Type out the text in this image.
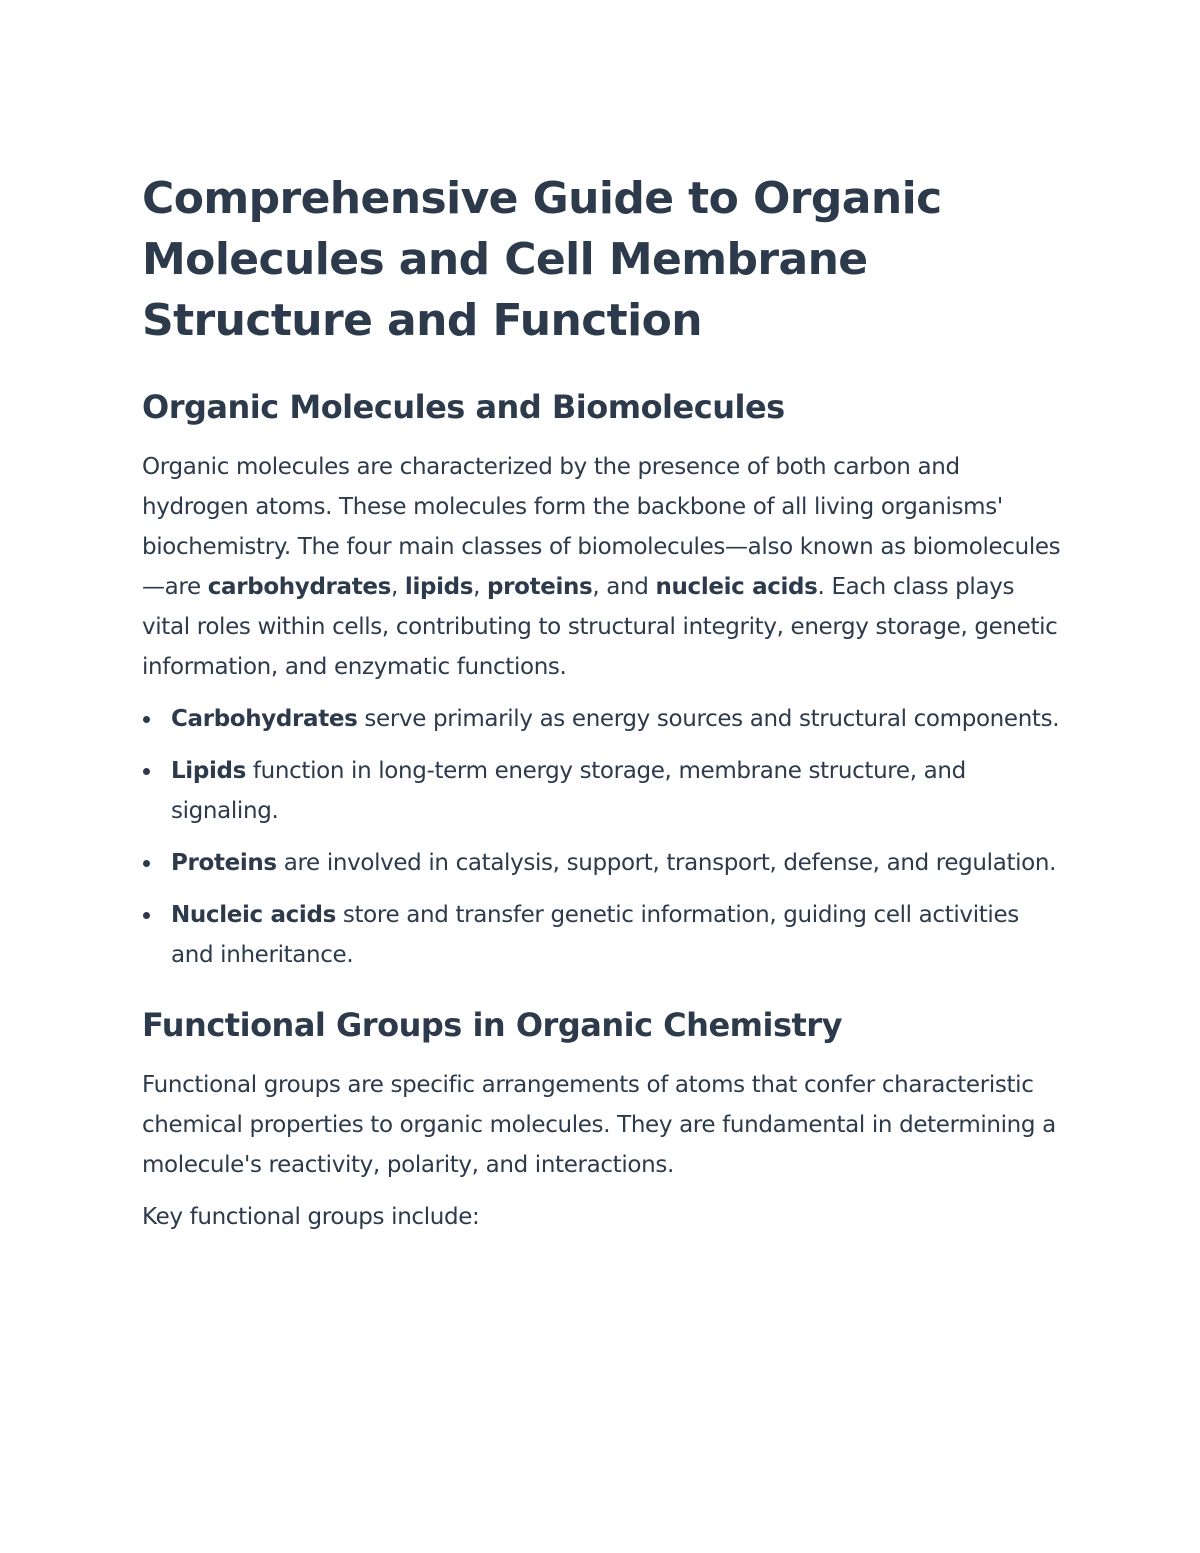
Comprehensive Guide to Organic Molecules and Cell Membrane Structure and Function
Organic Molecules and Biomolecules

Organic molecules are characterized by the presence of both carbon and hydrogen atoms. These molecules form the backbone of all living organisms' biochemistry. The four main classes of biomolecules—also known as biomolecules—are carbohydrates, lipids, proteins, and nucleic acids. Each class plays vital roles within cells, contributing to structural integrity, energy storage, genetic information, and enzymatic functions.

Carbohydrates serve primarily as energy sources and structural components.
Lipids function in long-term energy storage, membrane structure, and signaling.
Proteins are involved in catalysis, support, transport, defense, and regulation.
Nucleic acids store and transfer genetic information, guiding cell activities and inheritance.
Functional Groups in Organic Chemistry

Functional groups are specific arrangements of atoms that confer characteristic chemical properties to organic molecules. They are fundamental in determining a molecule's reactivity, polarity, and interactions.

Key functional groups include:
